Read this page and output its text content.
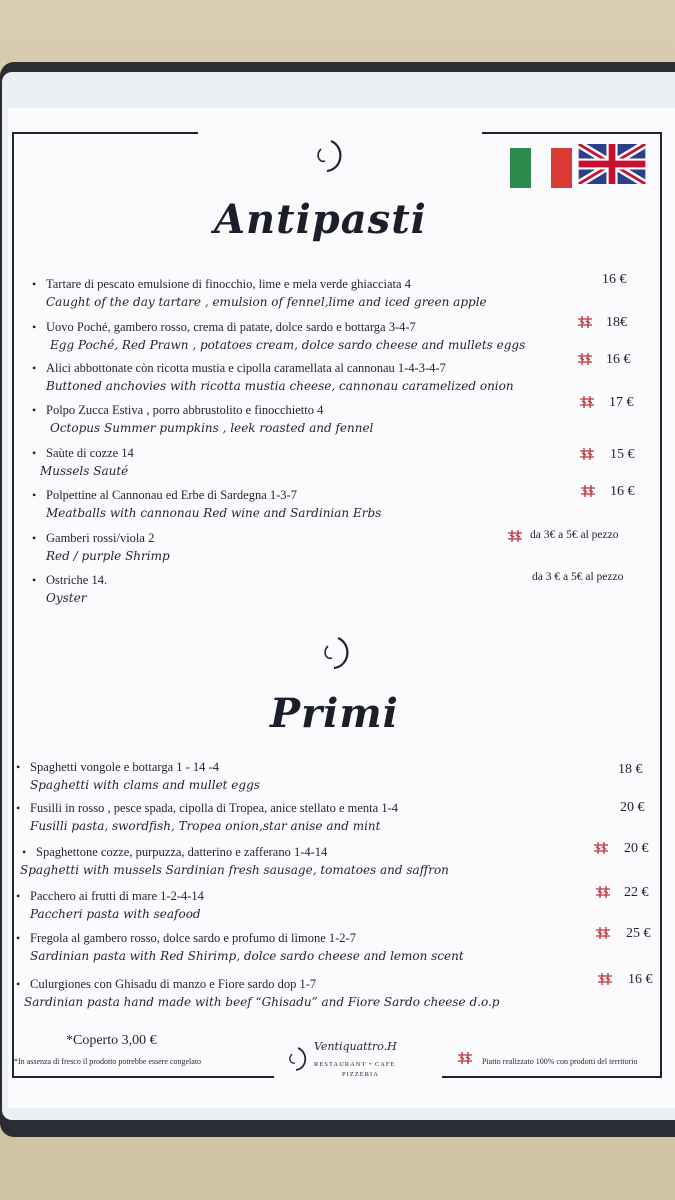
Antipasti
• Tartare di pescato emulsione di finocchio, lime e mela verde ghiacciata 4
Caught of the day tartare , emulsion of fennel,lime and iced green apple
16 €
• Uovo Poché, gambero rosso, crema di patate, dolce sardo e bottarga 3-4-7
Egg Poché, Red Prawn , potatoes cream, dolce sardo cheese and mullets eggs
18€
• Alici abbottonate còn ricotta mustia e cipolla caramellata al cannonau 1-4-3-4-7
Buttoned anchovies with ricotta mustia cheese, cannonau caramelized onion
16 €
• Polpo Zucca Estiva , porro abbrustolito e finocchietto 4
Octopus Summer pumpkins , leek roasted and fennel
17 €
• Saùte di cozze 14
Mussels Sauté
15 €
• Polpettine al Cannonau ed Erbe di Sardegna 1-3-7
Meatballs with cannonau Red wine and Sardinian Erbs
16 €
• Gamberi rossi/viola 2
Red / purple Shrimp
da 3€ a 5€ al pezzo
• Ostriche 14.
Oyster
da 3 € a 5€ al pezzo
Primi
• Spaghetti vongole e bottarga 1 - 14 -4
Spaghetti with clams and mullet eggs
18 €
• Fusilli in rosso , pesce spada, cipolla di Tropea, anice stellato e menta 1-4
Fusilli pasta, swordfish, Tropea onion,star anise and mint
20 €
• Spaghettone cozze, purpuzza, datterino e zafferano 1-4-14
Spaghetti with mussels Sardinian fresh sausage, tomatoes and saffron
20 €
• Pacchero ai frutti di mare 1-2-4-14
Paccheri pasta with seafood
22 €
• Fregola al gambero rosso, dolce sardo e profumo di lìmone 1-2-7
Sardinian pasta with Red Shirimp, dolce sardo cheese and lemon scent
25 €
• Culurgiones con Ghisadu di manzo e Fiore sardo dop 1-7
Sardinian pasta hand made with beef “Ghisadu” and Fiore Sardo cheese d.o.p
16 €
*Coperto 3,00 €
*In assenza di fresco il prodotto potrebbe essere congelato
Ventiquattro.H
RESTAURANT • CAFE
PIZZERIA
Piatto realizzato 100% con prodotti del territorio
